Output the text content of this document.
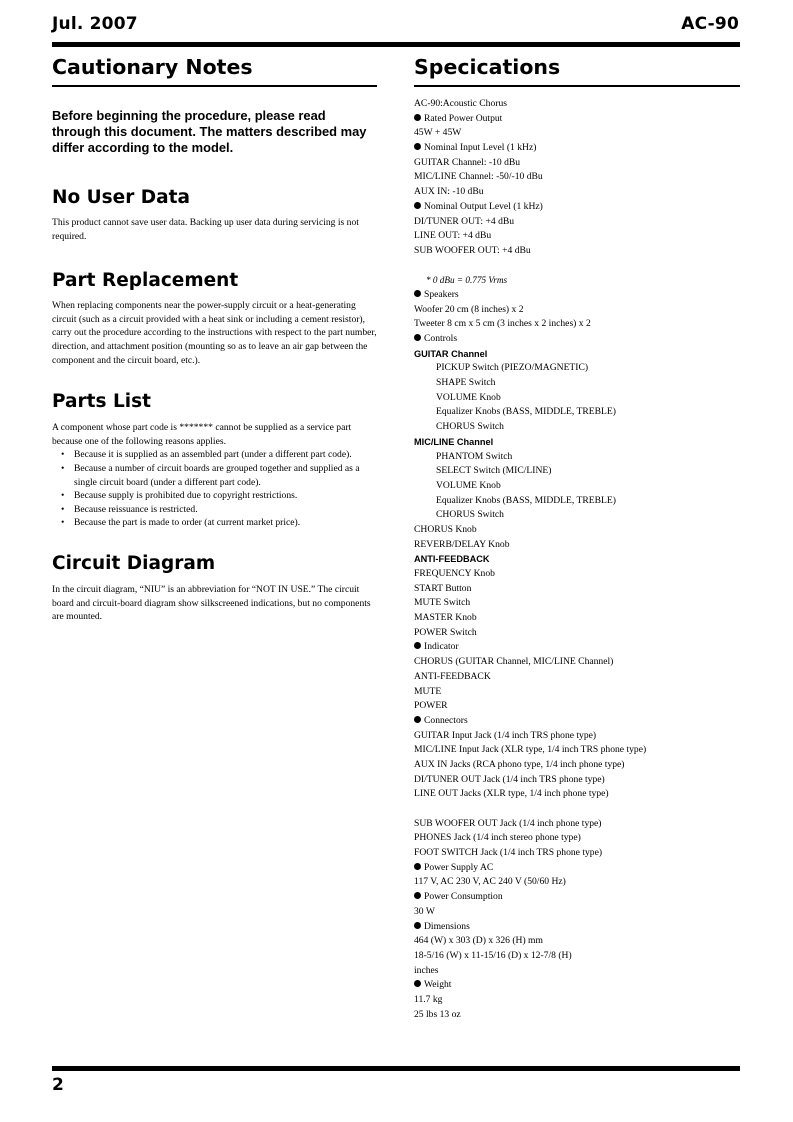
Jul. 2007	AC-90
Cautionary Notes

Before beginning the procedure, please read through this document. The matters described may differ according to the model.

No User Data

This product cannot save user data. Backing up user data during servicing is not required.

Part Replacement

When replacing components near the power-supply circuit or a heat-generating circuit (such as a circuit provided with a heat sink or including a cement resistor), carry out the procedure according to the instructions with respect to the part number, direction, and attachment position (mounting so as to leave an air gap between the component and the circuit board, etc.).

Parts List

A component whose part code is ******* cannot be supplied as a service part because one of the following reasons applies.

• Because it is supplied as an assembled part (under a different part code).
• Because a number of circuit boards are grouped together and supplied as a single circuit board (under a different part code).
• Because supply is prohibited due to copyright restrictions.
• Because reissuance is restricted.
• Because the part is made to order (at current market price).
Circuit Diagram

In the circuit diagram, “NIU” is an abbreviation for “NOT IN USE.” The circuit board and circuit-board diagram show silkscreened indications, but no components are mounted.

Specications
AC-90:Acoustic Chorus
Rated Power Output
45W + 45W
Nominal Input Level (1 kHz)
GUITAR Channel: -10 dBu
MIC/LINE Channel: -50/-10 dBu
AUX IN: -10 dBu
Nominal Output Level (1 kHz)
DI/TUNER OUT: +4 dBu
LINE OUT: +4 dBu
SUB WOOFER OUT: +4 dBu
* 0 dBu = 0.775 Vrms
Speakers
Woofer 20 cm (8 inches) x 2
Tweeter 8 cm x 5 cm (3 inches x 2 inches) x 2
Controls
GUITAR Channel
PICKUP Switch (PIEZO/MAGNETIC)
SHAPE Switch
VOLUME Knob
Equalizer Knobs (BASS, MIDDLE, TREBLE)
CHORUS Switch
MIC/LINE Channel
PHANTOM Switch
SELECT Switch (MIC/LINE)
VOLUME Knob
Equalizer Knobs (BASS, MIDDLE, TREBLE)
CHORUS Switch
CHORUS Knob
REVERB/DELAY Knob
ANTI-FEEDBACK
FREQUENCY Knob
START Button
MUTE Switch
MASTER Knob
POWER Switch
Indicator
CHORUS (GUITAR Channel, MIC/LINE Channel)
ANTI-FEEDBACK
MUTE
POWER
Connectors
GUITAR Input Jack (1/4 inch TRS phone type)
MIC/LINE Input Jack (XLR type, 1/4 inch TRS phone type)
AUX IN Jacks (RCA phono type, 1/4 inch phone type)
DI/TUNER OUT Jack (1/4 inch TRS phone type)
LINE OUT Jacks (XLR type, 1/4 inch phone type)
SUB WOOFER OUT Jack (1/4 inch phone type)
PHONES Jack (1/4 inch stereo phone type)
FOOT SWITCH Jack (1/4 inch TRS phone type)
Power Supply AC
117 V, AC 230 V, AC 240 V (50/60 Hz)
Power Consumption
30 W
Dimensions
464 (W) x 303 (D) x 326 (H) mm
18-5/16 (W) x 11-15/16 (D) x 12-7/8 (H)
inches
Weight
11.7 kg
25 lbs 13 oz
2
